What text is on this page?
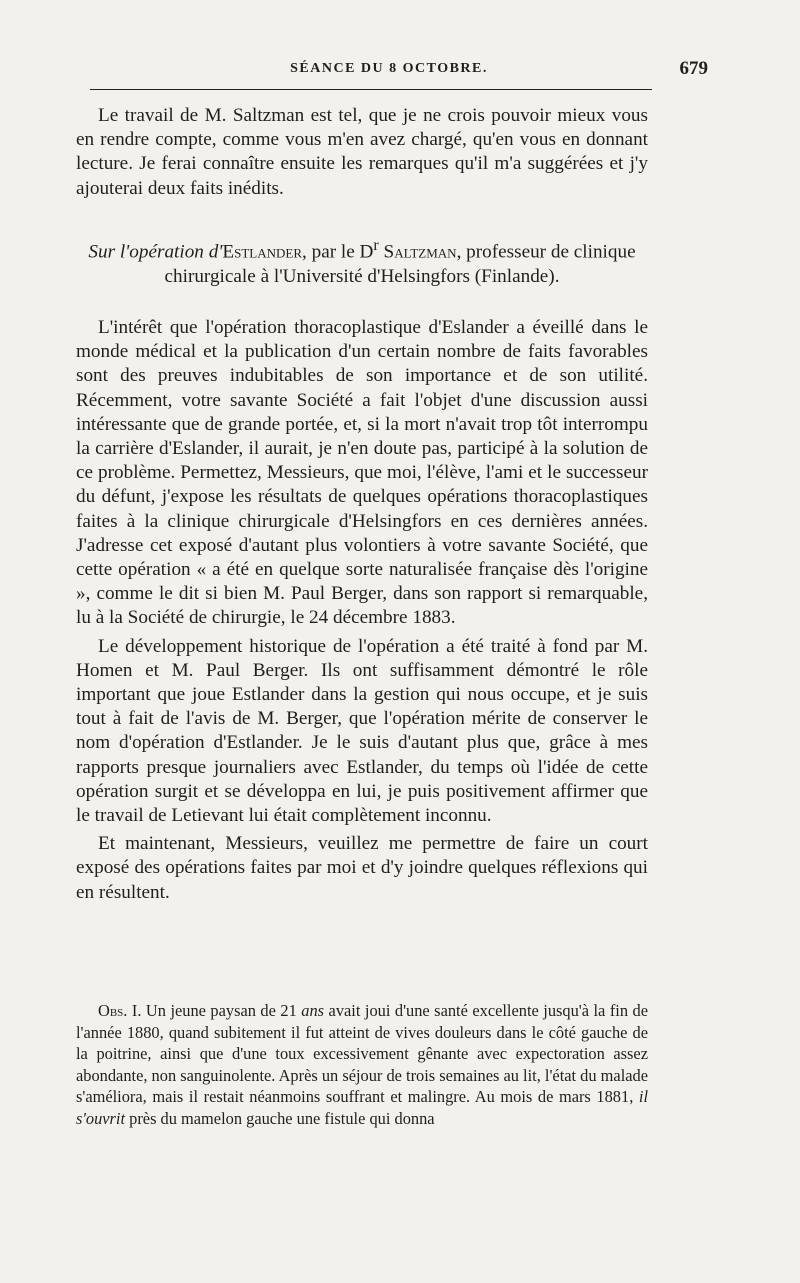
SÉANCE DU 8 OCTOBRE.	679

Le travail de M. Saltzman est tel, que je ne crois pouvoir mieux vous en rendre compte, comme vous m'en avez chargé, qu'en vous en donnant lecture. Je ferai connaître ensuite les remarques qu'il m'a suggérées et j'y ajouterai deux faits inédits.

Sur l'opération d'Estlander, par le $D^r$ Saltzman, professeur de clinique chirurgicale à l'Université d'Helsingfors (Finlande).

L'intérêt que l'opération thoracoplastique d'Eslander a éveillé dans le monde médical et la publication d'un certain nombre de faits favorables sont des preuves indubitables de son importance et de son utilité. Récemment, votre savante Société a fait l'objet d'une discussion aussi intéressante que de grande portée, et, si la mort n'avait trop tôt interrompu la carrière d'Eslander, il aurait, je n'en doute pas, participé à la solution de ce problème. Permettez, Messieurs, que moi, l'élève, l'ami et le successeur du défunt, j'expose les résultats de quelques opérations thoracoplastiques faites à la clinique chirurgicale d'Helsingfors en ces dernières années. J'adresse cet exposé d'autant plus volontiers à votre savante Société, que cette opération « a été en quelque sorte naturalisée française dès l'origine », comme le dit si bien M. Paul Berger, dans son rapport si remarquable, lu à la Société de chirurgie, le 24 décembre 1883.

Le développement historique de l'opération a été traité à fond par M. Homen et M. Paul Berger. Ils ont suffisamment démontré le rôle important que joue Estlander dans la gestion qui nous occupe, et je suis tout à fait de l'avis de M. Berger, que l'opération mérite de conserver le nom d'opération d'Estlander. Je le suis d'autant plus que, grâce à mes rapports presque journaliers avec Estlander, du temps où l'idée de cette opération surgit et se développa en lui, je puis positivement affirmer que le travail de Letievant lui était complètement inconnu.

Et maintenant, Messieurs, veuillez me permettre de faire un court exposé des opérations faites par moi et d'y joindre quelques réflexions qui en résultent.

Obs. I. Un jeune paysan de 21 ans avait joui d'une santé excellente jusqu'à la fin de l'année 1880, quand subitement il fut atteint de vives douleurs dans le côté gauche de la poitrine, ainsi que d'une toux excessivement gênante avec expectoration assez abondante, non sanguinolente. Après un séjour de trois semaines au lit, l'état du malade s'améliora, mais il restait néanmoins souffrant et malingre. Au mois de mars 1881, il s'ouvrit près du mamelon gauche une fistule qui donna
